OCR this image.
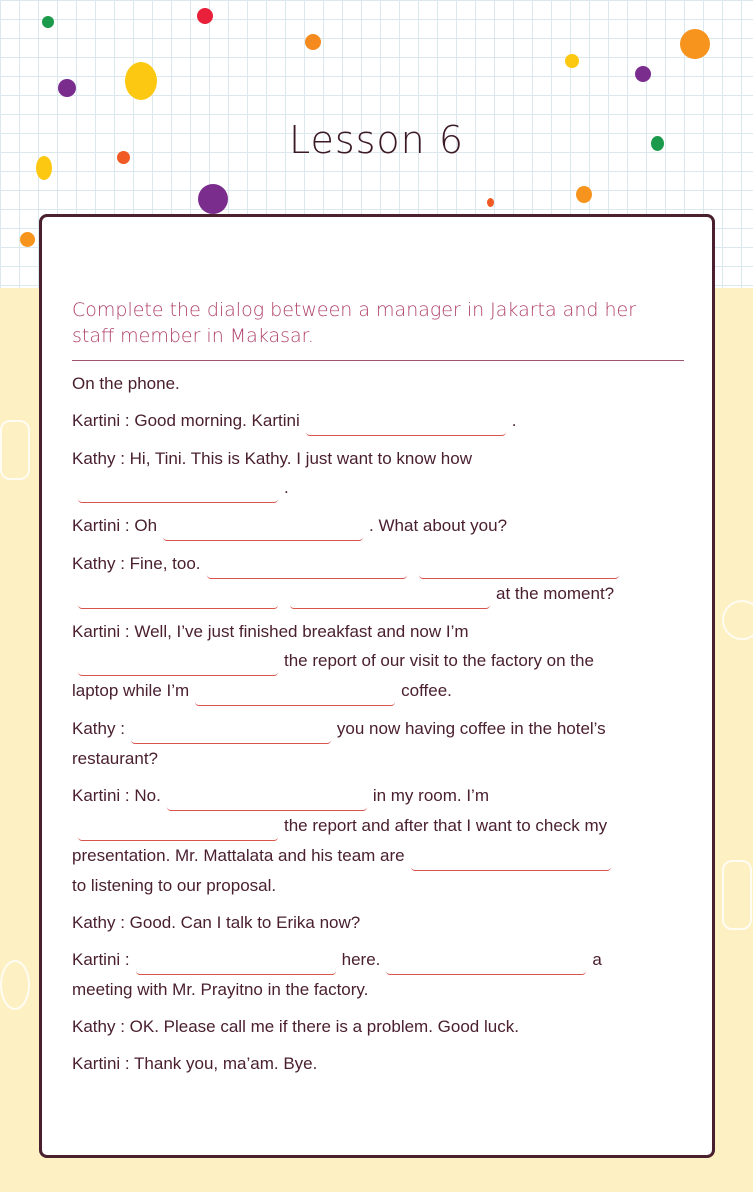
Lesson 6
Complete the dialog between a manager in Jakarta and her staff member in Makasar.
On the phone.
Kartini : Good morning. Kartini	.
Kathy : Hi, Tini. This is Kathy. I just want to know how
.
Kartini : Oh	. What about you?
Kathy : Fine, too.
at the moment?
Kartini : Well, I’ve just finished breakfast and now I’m
the report of our visit to the factory on the
laptop while I’m	coffee.
Kathy :	you now having coffee in the hotel’s
restaurant?
Kartini : No.	in my room. I’m
the report and after that I want to check my
presentation. Mr. Mattalata and his team are
to listening to our proposal.
Kathy : Good. Can I talk to Erika now?
Kartini :	here.	a
meeting with Mr. Prayitno in the factory.
Kathy : OK. Please call me if there is a problem. Good luck.
Kartini : Thank you, ma’am. Bye.
